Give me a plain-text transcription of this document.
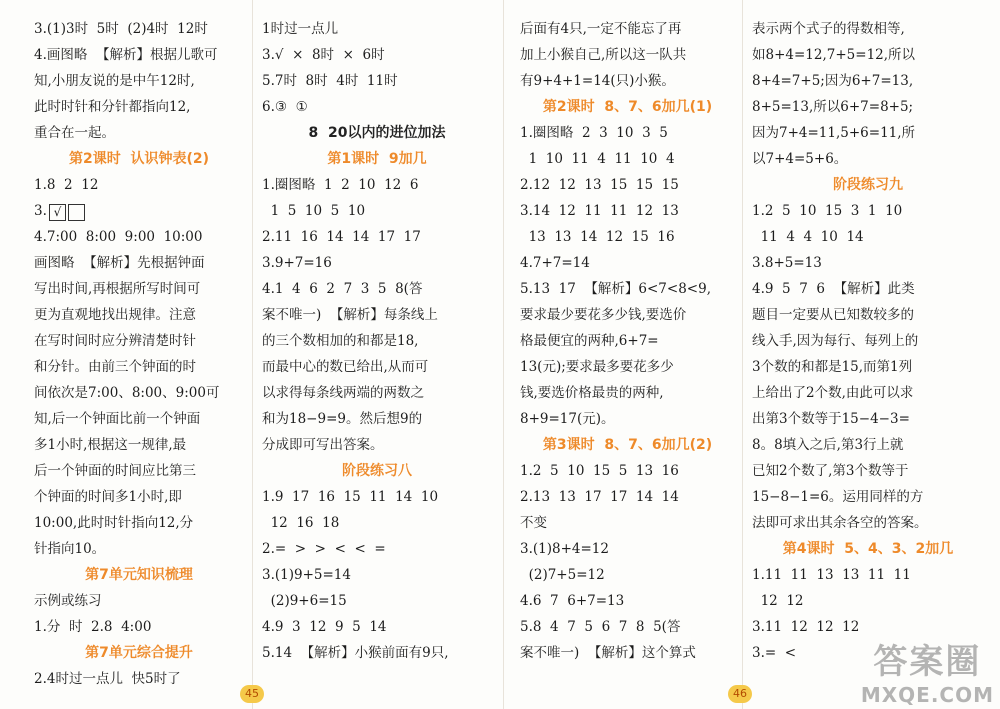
3.(1)3时  5时  (2)4时  12时
4.画图略  【解析】根据儿歌可
知,小朋友说的是中午12时,
此时时针和分针都指向12,
重合在一起。
第2课时  认识钟表(2)
1.8  2  12
3. √
4.7:00  8:00  9:00  10:00
画图略  【解析】先根据钟面
写出时间,再根据所写时间可
更为直观地找出规律。注意
在写时间时应分辨清楚时针
和分针。由前三个钟面的时
间依次是7:00、8:00、9:00可
知,后一个钟面比前一个钟面
多1小时,根据这一规律,最
后一个钟面的时间应比第三
个钟面的时间多1小时,即
10:00,此时时针指向12,分
针指向10。
第7单元知识梳理
示例或练习
1.分  时  2.8  4:00
第7单元综合提升
2.4时过一点儿  快5时了
1时过一点儿
3.√  ×  8时  ×  6时
5.7时  8时  4时  11时
6.③  ①
8  20以内的进位加法
第1课时  9加几
1.圈图略  1  2  10  12  6
1  5  10  5  10
2.11  16  14  14  17  17
3.9+7=16
4.1  4  6  2  7  3  5  8(答
案不唯一)  【解析】每条线上
的三个数相加的和都是18,
而最中心的数已给出,从而可
以求得每条线两端的两数之
和为18−9=9。然后想9的
分成即可写出答案。
阶段练习八
1.9  17  16  15  11  14  10
12  16  18
2.=  >  >  <  <  =
3.(1)9+5=14
(2)9+6=15
4.9  3  12  9  5  14
5.14  【解析】小猴前面有9只,
后面有4只,一定不能忘了再
加上小猴自己,所以这一队共
有9+4+1=14(只)小猴。
第2课时  8、7、6加几(1)
1.圈图略  2  3  10  3  5
1  10  11  4  11  10  4
2.12  12  13  15  15  15
3.14  12  11  11  12  13
13  13  14  12  15  16
4.7+7=14
5.13  17  【解析】6<7<8<9,
要求最少要花多少钱,要选价
格最便宜的两种,6+7=
13(元);要求最多要花多少
钱,要选价格最贵的两种,
8+9=17(元)。
第3课时  8、7、6加几(2)
1.2  5  10  15  5  13  16
2.13  13  17  17  14  14
不变
3.(1)8+4=12
(2)7+5=12
4.6  7  6+7=13
5.8  4  7  5  6  7  8  5(答
案不唯一)  【解析】这个算式
表示两个式子的得数相等,
如8+4=12,7+5=12,所以
8+4=7+5;因为6+7=13,
8+5=13,所以6+7=8+5;
因为7+4=11,5+6=11,所
以7+4=5+6。
阶段练习九
1.2  5  10  15  3  1  10
11  4  4  10  14
3.8+5=13
4.9  5  7  6  【解析】此类
题目一定要从已知数较多的
线入手,因为每行、每列上的
3个数的和都是15,而第1列
上给出了2个数,由此可以求
出第3个数等于15−4−3=
8。8填入之后,第3行上就
已知2个数了,第3个数等于
15−8−1=6。运用同样的方
法即可求出其余各空的答案。
第4课时  5、4、3、2加几
1.11  11  13  13  11  11
12  12
3.11  12  12  12
3.=  <
45	46
答案圈
MXQE.COM
